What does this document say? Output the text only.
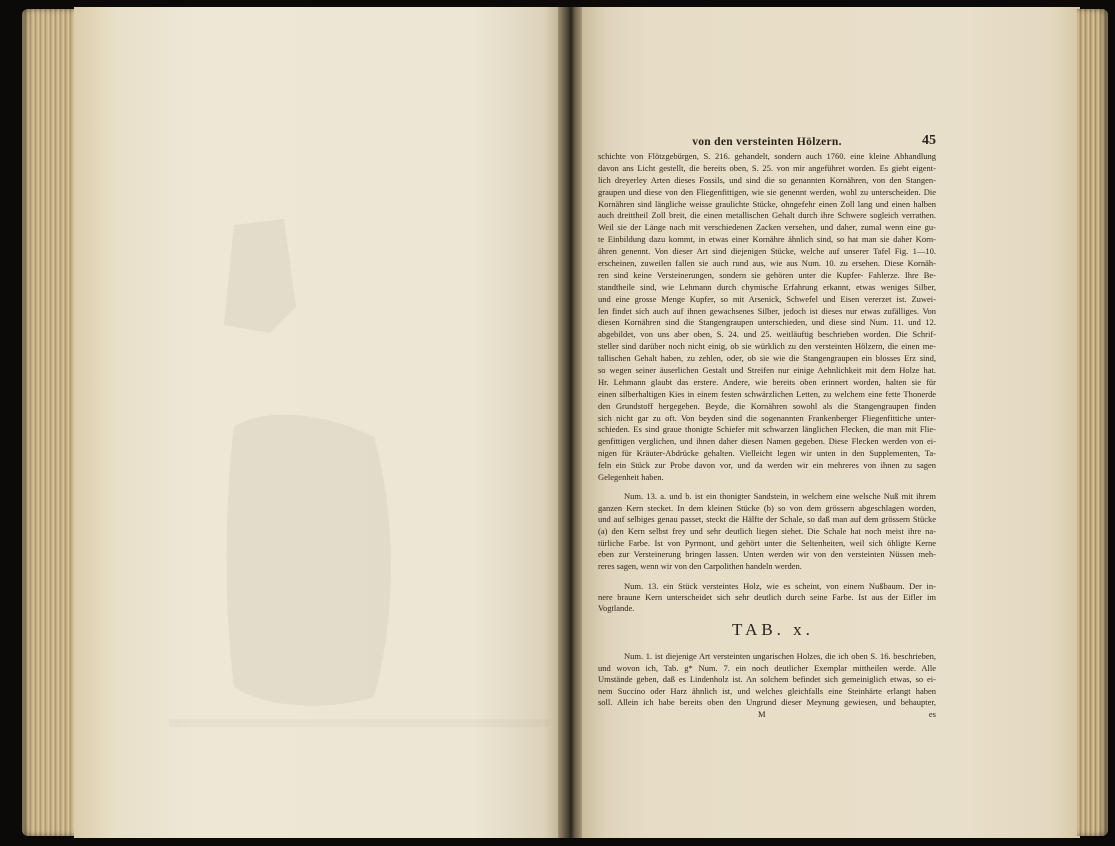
von den versteinten Hölzern.	45
schichte von Flötzgebürgen, S. 216. gehandelt, sondern auch 1760. eine kleine Abhandlung
davon ans Licht gestellt, die bereits oben, S. 25. von mir angeführet worden. Es giebt eigent-
lich dreyerley Arten dieses Fossils, und sind die so genannten Kornähren, von den Stangen-
graupen und diese von den Fliegenfittigen, wie sie genennt werden, wohl zu unterscheiden. Die
Kornähren sind längliche weisse graulichte Stücke, ohngefehr einen Zoll lang und einen halben
auch dreittheil Zoll breit, die einen metallischen Gehalt durch ihre Schwere sogleich verrathen.
Weil sie der Länge nach mit verschiedenen Zacken versehen, und daher, zumal wenn eine gu-
te Einbildung dazu kommt, in etwas einer Kornähre ähnlich sind, so hat man sie daher Korn-
ähren genennt. Von dieser Art sind diejenigen Stücke, welche auf unserer Tafel Fig. 1—10.
erscheinen, zuweilen fallen sie auch rund aus, wie aus Num. 10. zu ersehen. Diese Kornäh-
ren sind keine Versteinerungen, sondern sie gehören unter die Kupfer- Fahlerze. Ihre Be-
standtheile sind, wie Lehmann durch chymische Erfahrung erkannt, etwas weniges Silber,
und eine grosse Menge Kupfer, so mit Arsenick, Schwefel und Eisen vererzet ist. Zuwei-
len findet sich auch auf ihnen gewachsenes Silber, jedoch ist dieses nur etwas zufälliges. Von
diesen Kornähren sind die Stangengraupen unterschieden, und diese sind Num. 11. und 12.
abgebildet, von uns aber oben, S. 24. und 25. weitläuftig beschrieben worden. Die Schrif-
steller sind darüber noch nicht einig, ob sie würklich zu den versteinten Hölzern, die einen me-
tallischen Gehalt haben, zu zehlen, oder, ob sie wie die Stangengraupen ein blosses Erz sind,
so wegen seiner äuserlichen Gestalt und Streifen nur einige Aehnlichkeit mit dem Holze hat.
Hr. Lehmann glaubt das erstere. Andere, wie bereits oben erinnert worden, halten sie für
einen silberhaltigen Kies in einem festen schwärzlichen Letten, zu welchem eine fette Thonerde
den Grundstoff hergegeben. Beyde, die Kornähren sowohl als die Stangengraupen finden
sich nicht gar zu oft. Von beyden sind die sogenannten Frankenberger Fliegenfittiche unter-
schieden. Es sind graue thonigte Schiefer mit schwarzen länglichen Flecken, die man mit Flie-
genfittigen verglichen, und ihnen daher diesen Namen gegeben. Diese Flecken werden von ei-
nigen für Kräuter-Abdrücke gehalten. Vielleicht legen wir unten in den Supplementen, Ta-
feln ein Stück zur Probe davon vor, und da werden wir ein mehreres von ihnen zu sagen
Gelegenheit haben.
Num. 13. a. und b. ist ein thonigter Sandstein, in welchem eine welsche Nuß mit ihrem
ganzen Kern stecket. In dem kleinen Stücke (b) so von dem grössern abgeschlagen worden,
und auf selbiges genau passet, steckt die Hälfte der Schale, so daß man auf dem grössern Stücke
(a) den Kern selbst frey und sehr deutlich liegen siehet. Die Schale hat noch meist ihre na-
türliche Farbe. Ist von Pyrmont, und gehört unter die Seltenheiten, weil sich öhligte Kerne
eben zur Versteinerung bringen lassen. Unten werden wir von den versteinten Nüssen meh-
reres sagen, wenn wir von den Carpolithen handeln werden.
Num. 13. ein Stück versteintes Holz, wie es scheint, von einem Nußbaum. Der in-
nere braune Kern unterscheidet sich sehr deutlich durch seine Farbe. Ist aus der Eifler im
Vogtlande.
TAB. x.
Num. 1. ist diejenige Art versteinten ungarischen Holzes, die ich oben S. 16. beschrieben,
und wovon ich, Tab. g* Num. 7. ein noch deutlicher Exemplar mittheilen werde. Alle
Umstände geben, daß es Lindenholz ist. An solchem befindet sich gemeiniglich etwas, so ei-
nem Succino oder Harz ähnlich ist, und welches gleichfalls eine Steinhärte erlangt haben
soll. Allein ich habe bereits oben den Ungrund dieser Meynung gewiesen, und behaupter,
M	es
